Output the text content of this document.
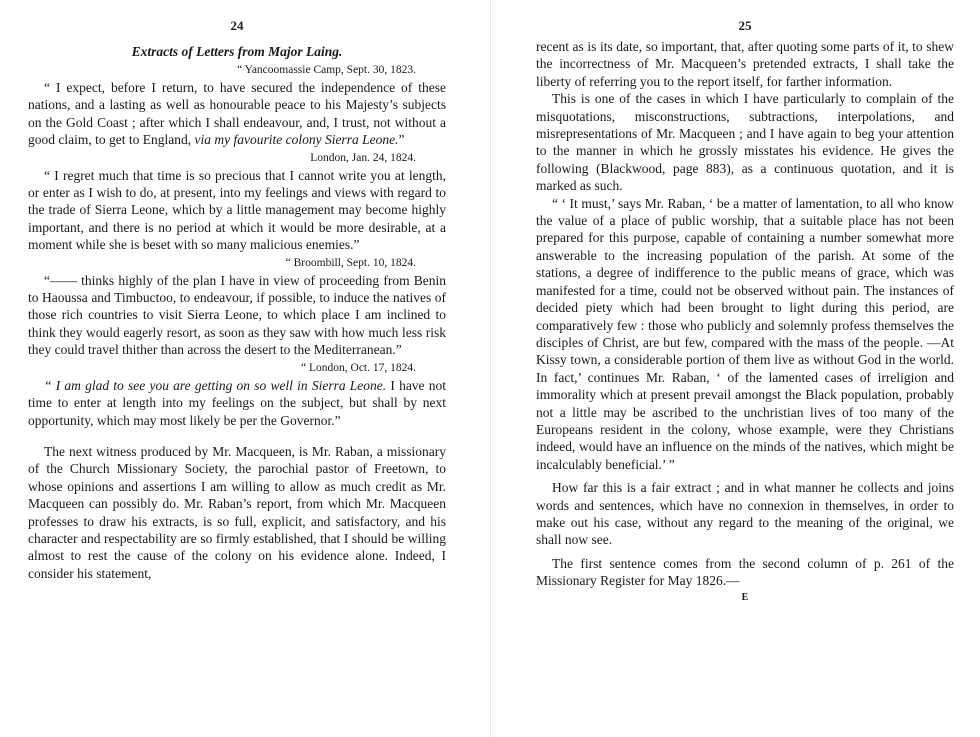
24
Extracts of Letters from Major Laing.
“ Yancoomassie Camp, Sept. 30, 1823.

“ I expect, before I return, to have secured the independence of these nations, and a lasting as well as honourable peace to his Majesty’s subjects on the Gold Coast ; after which I shall endeavour, and, I trust, not without a good claim, to get to England, via my favourite colony Sierra Leone.”

London, Jan. 24, 1824.

“ I regret much that time is so precious that I cannot write you at length, or enter as I wish to do, at present, into my feelings and views with regard to the trade of Sierra Leone, which by a little management may become highly important, and there is no period at which it would be more desirable, at a moment while she is beset with so many malicious enemies.”

“ Broombill, Sept. 10, 1824.

“—— thinks highly of the plan I have in view of proceeding from Benin to Haoussa and Timbuctoo, to endeavour, if possible, to induce the natives of those rich countries to visit Sierra Leone, to which place I am inclined to think they would eagerly resort, as soon as they saw with how much less risk they could travel thither than across the desert to the Mediterranean.”

“ London, Oct. 17, 1824.

“ I am glad to see you are getting on so well in Sierra Leone. I have not time to enter at length into my feelings on the subject, but shall by next opportunity, which may most likely be per the Governor.”

The next witness produced by Mr. Macqueen, is Mr. Raban, a missionary of the Church Missionary Society, the parochial pastor of Freetown, to whose opinions and assertions I am willing to allow as much credit as Mr. Macqueen can possibly do. Mr. Raban’s report, from which Mr. Macqueen professes to draw his extracts, is so full, explicit, and satisfactory, and his character and respectability are so firmly established, that I should be willing almost to rest the cause of the colony on his evidence alone. Indeed, I consider his statement,

25

recent as is its date, so important, that, after quoting some parts of it, to shew the incorrectness of Mr. Macqueen’s pretended extracts, I shall take the liberty of referring you to the report itself, for farther information.

This is one of the cases in which I have particularly to complain of the misquotations, misconstructions, subtractions, interpolations, and misrepresentations of Mr. Macqueen ; and I have again to beg your attention to the manner in which he grossly misstates his evidence. He gives the following (Blackwood, page 883), as a continuous quotation, and it is marked as such.

“ ‘ It must,’ says Mr. Raban, ‘ be a matter of lamentation, to all who know the value of a place of public worship, that a suitable place has not been prepared for this purpose, capable of containing a number somewhat more answerable to the increasing population of the parish. At some of the stations, a degree of indifference to the public means of grace, which was manifested for a time, could not be observed without pain. The instances of decided piety which had been brought to light during this period, are comparatively few : those who publicly and solemnly profess themselves the disciples of Christ, are but few, compared with the mass of the people. —At Kissy town, a considerable portion of them live as without God in the world. In fact,’ continues Mr. Raban, ‘ of the lamented cases of irreligion and immorality which at present prevail amongst the Black population, probably not a little may be ascribed to the unchristian lives of too many of the Europeans resident in the colony, whose example, were they Christians indeed, would have an influence on the minds of the natives, which might be incalculably beneficial.’ ”

How far this is a fair extract ; and in what manner he collects and joins words and sentences, which have no connexion in themselves, in order to make out his case, without any regard to the meaning of the original, we shall now see.

The first sentence comes from the second column of p. 261 of the Missionary Register for May 1826.—

E
